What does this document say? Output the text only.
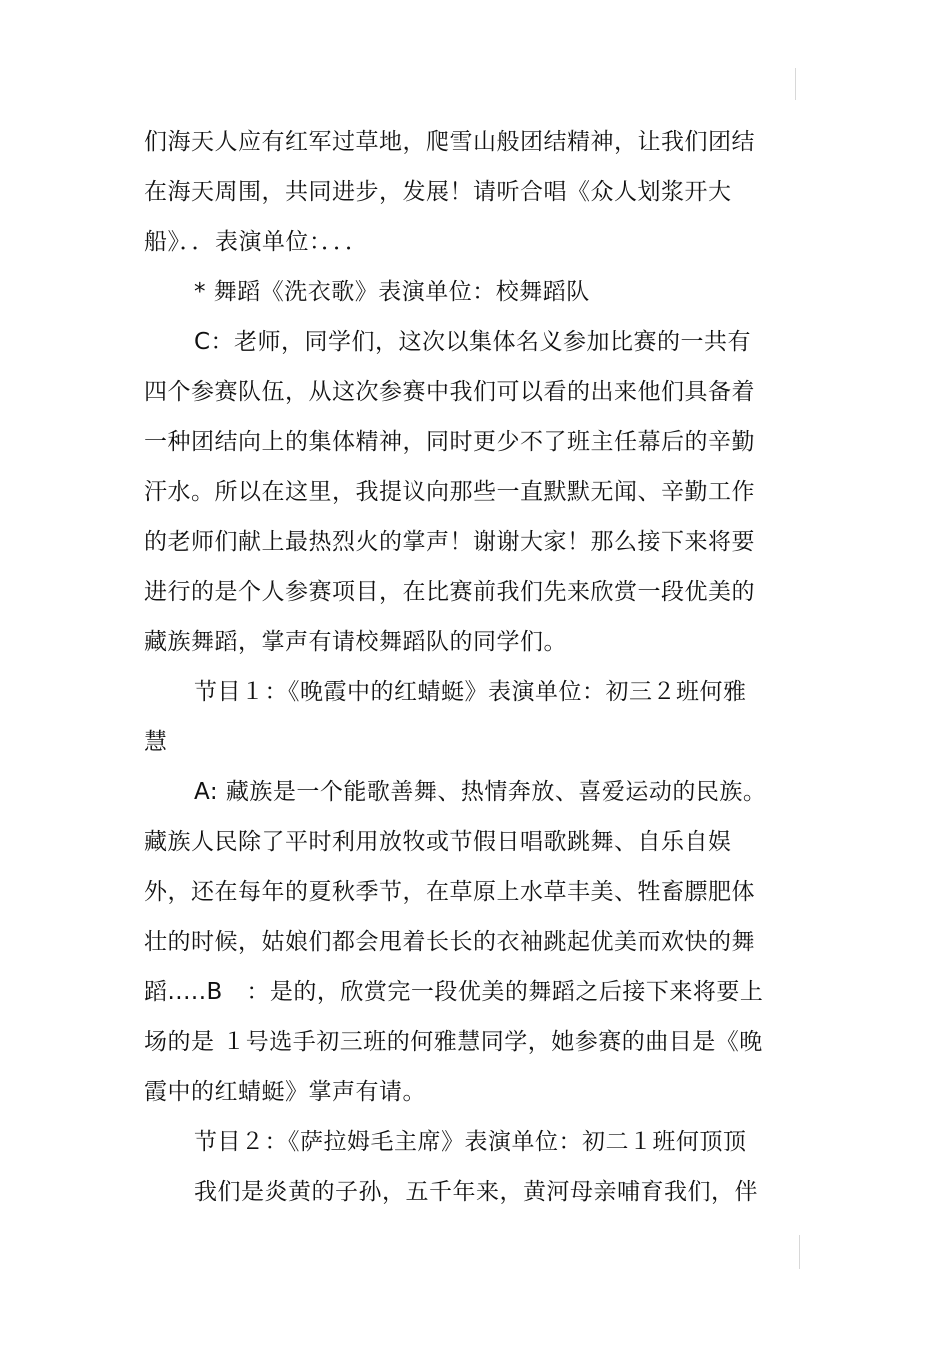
们海天人应有红军过草地，爬雪山般团结精神，让我们团结
在海天周围，共同进步，发展！请听合唱《众人划浆开大
船》．．表演单位：．．．
* 舞蹈《洗衣歌》表演单位：校舞蹈队
C：老师，同学们，这次以集体名义参加比赛的一共有
四个参赛队伍，从这次参赛中我们可以看的出来他们具备着
一种团结向上的集体精神，同时更少不了班主任幕后的辛勤
汗水。所以在这里，我提议向那些一直默默无闻、辛勤工作
的老师们献上最热烈火的掌声！谢谢大家！那么接下来将要
进行的是个人参赛项目，在比赛前我们先来欣赏一段优美的
藏族舞蹈，掌声有请校舞蹈队的同学们。
节目１：《晚霞中的红蜻蜓》表演单位：初三２班何雅
慧
A: 藏族是一个能歌善舞、热情奔放、喜爱运动的民族。
藏族人民除了平时利用放牧或节假日唱歌跳舞、自乐自娱
外，还在每年的夏秋季节，在草原上水草丰美、牲畜膘肥体
壮的时候，姑娘们都会甩着长长的衣袖跳起优美而欢快的舞
蹈.....B　：是的，欣赏完一段优美的舞蹈之后接下来将要上
场的是 １号选手初三班的何雅慧同学，她参赛的曲目是《晚
霞中的红蜻蜓》掌声有请。
节目２：《萨拉姆毛主席》表演单位：初二１班何顶顶
我们是炎黄的子孙，五千年来，黄河母亲哺育我们，伴
